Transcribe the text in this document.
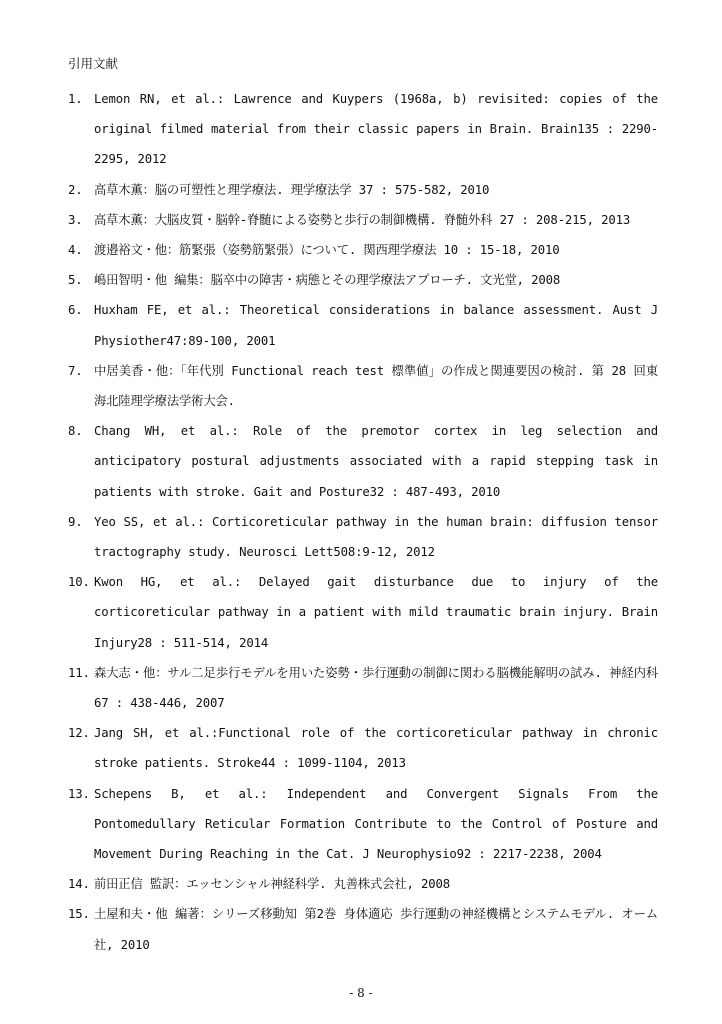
引用文献
1. Lemon RN, et al.: Lawrence and Kuypers (1968a, b) revisited: copies of the original filmed material from their classic papers in Brain. Brain135 : 2290-2295, 2012
2. 高草木薫：脳の可塑性と理学療法. 理学療法学 37 : 575-582, 2010
3. 高草木薫：大脳皮質・脳幹-脊髄による姿勢と歩行の制御機構. 脊髄外科 27 : 208-215, 2013
4. 渡邉裕文・他：筋緊張（姿勢筋緊張）について. 関西理学療法 10 : 15-18, 2010
5. 嶋田智明・他 編集：脳卒中の障害・病態とその理学療法アプローチ. 文光堂, 2008
6. Huxham FE, et al.: Theoretical considerations in balance assessment. Aust J Physiother47:89-100, 2001
7. 中居美香・他：「年代別 Functional reach test 標準値」の作成と関連要因の検討. 第 28 回東海北陸理学療法学術大会.
8. Chang WH, et al.: Role of the premotor cortex in leg selection and anticipatory postural adjustments associated with a rapid stepping task in patients with stroke. Gait and Posture32 : 487-493, 2010
9. Yeo SS, et al.: Corticoreticular pathway in the human brain: diffusion tensor tractography study. Neurosci Lett508:9-12, 2012
10. Kwon HG, et al.: Delayed gait disturbance due to injury of the corticoreticular pathway in a patient with mild traumatic brain injury. Brain Injury28 : 511-514, 2014
11. 森大志・他：サル二足歩行モデルを用いた姿勢・歩行運動の制御に関わる脳機能解明の試み. 神経内科 67 : 438-446, 2007
12. Jang SH, et al.:Functional role of the corticoreticular pathway in chronic stroke patients. Stroke44 : 1099-1104, 2013
13. Schepens B, et al.: Independent and Convergent Signals From the Pontomedullary Reticular Formation Contribute to the Control of Posture and Movement During Reaching in the Cat. J Neurophysio92 : 2217-2238, 2004
14. 前田正信 監訳：エッセンシャル神経科学. 丸善株式会社, 2008
15. 土屋和夫・他 編著：シリーズ移動知 第2巻 身体適応 歩行運動の神経機構とシステムモデル. オーム社, 2010
- 8 -
